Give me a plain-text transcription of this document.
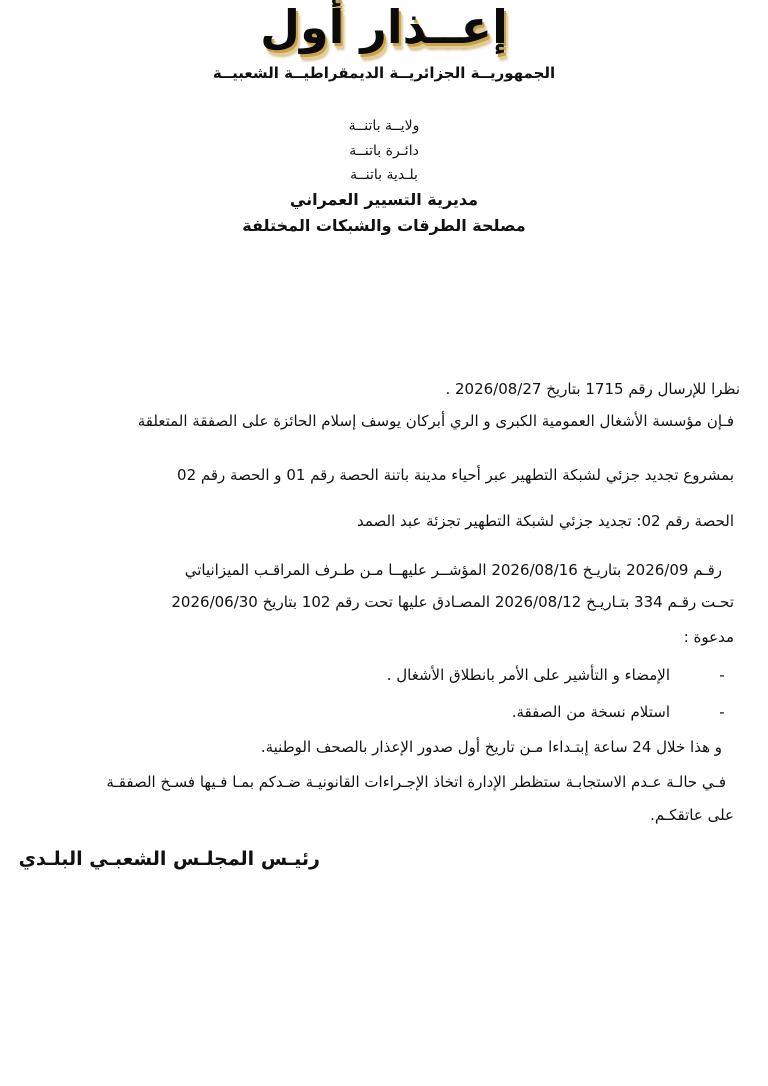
الجمهوريــة الجزائريــة الديمقراطيــة الشعبيــة
ولايــة باتنــة
دائـرة باتنــة
بلـدية باتنــة
مديرية التسيير العمراني
مصلحة الطرقات والشبكات المختلفة
إعــذار أول
نظرا للإرسال رقم 1715 بتاريخ 2026/08/27 .
فـإن مؤسسة الأشغال العمومية الكبرى و الري أبركان يوسف إسلام الحائزة على الصفقة المتعلقة
بمشروع تجديد جزئي لشبكة التطهير عبر أحياء مدينة باتنة الحصة رقم 01 و الحصة رقم 02
الحصة رقم 02: تجديد جزئي لشبكة التطهير تجزئة عبد الصمد
رقـم 2026/09 بتاريـخ 2026/08/16 المؤشــر عليهــا مـن طـرف المراقـب الميزانياتي
تحـت رقـم 334 بتـاريـخ 2026/08/12 المصـادق عليها تحت رقم 102 بتاريخ 2026/06/30
مدعوة :
-الإمضاء و التأشير على الأمر بانطلاق الأشغال .
-استلام نسخة من الصفقة.
و هذا خلال 24 ساعة إبتـداءا مـن تاريخ أول صدور الإعذار بالصحف الوطنية.
فـي حالـة عـدم الاستجابـة ستظطر الإدارة اتخاذ الإجـراءات القانونيـة ضـدكم بمـا فـيها فسـخ الصفقـة
على عاتقكـم.
رئيـس المجلـس الشعبـي البلـدي
